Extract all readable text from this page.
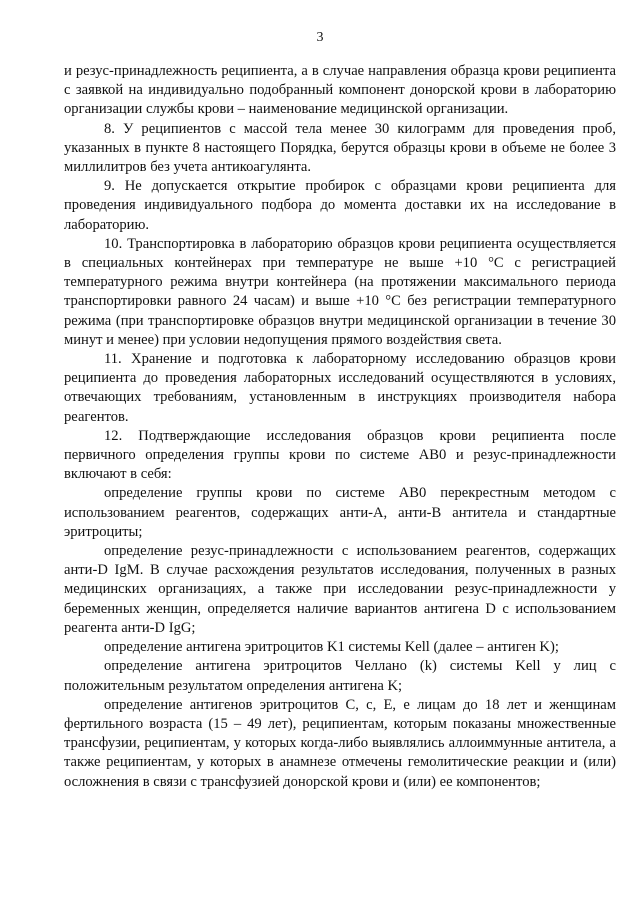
3

и резус-принадлежность реципиента, а в случае направления образца крови реципиента с заявкой на индивидуально подобранный компонент донорской крови в лабораторию организации службы крови – наименование медицинской организации.

8. У реципиентов с массой тела менее 30 килограмм для проведения проб, указанных в пункте 8 настоящего Порядка, берутся образцы крови в объеме не более 3 миллилитров без учета антикоагулянта.

9. Не допускается открытие пробирок с образцами крови реципиента для проведения индивидуального подбора до момента доставки их на исследование в лабораторию.

10. Транспортировка в лабораторию образцов крови реципиента осуществляется в специальных контейнерах при температуре не выше +10 °С с регистрацией температурного режима внутри контейнера (на протяжении максимального периода транспортировки равного 24 часам) и выше +10 °С без регистрации температурного режима (при транспортировке образцов внутри медицинской организации в течение 30 минут и менее) при условии недопущения прямого воздействия света.

11. Хранение и подготовка к лабораторному исследованию образцов крови реципиента до проведения лабораторных исследований осуществляются в условиях, отвечающих требованиям, установленным в инструкциях производителя набора реагентов.

12. Подтверждающие исследования образцов крови реципиента после первичного определения группы крови по системе АВ0 и резус-принадлежности включают в себя:

определение группы крови по системе АВ0 перекрестным методом с использованием реагентов, содержащих анти-А, анти-В антитела и стандартные эритроциты;

определение резус-принадлежности с использованием реагентов, содержащих анти-D IgM. В случае расхождения результатов исследования, полученных в разных медицинских организациях, а также при исследовании резус-принадлежности у беременных женщин, определяется наличие вариантов антигена D с использованием реагента анти-D IgG;

определение антигена эритроцитов K1 системы Kell (далее – антиген K);

определение антигена эритроцитов Челлано (k) системы Kell у лиц с положительным результатом определения антигена K;

определение антигенов эритроцитов С, с, Е, е лицам до 18 лет и женщинам фертильного возраста (15 – 49 лет), реципиентам, которым показаны множественные трансфузии, реципиентам, у которых когда-либо выявлялись аллоиммунные антитела, а также реципиентам, у которых в анамнезе отмечены гемолитические реакции и (или) осложнения в связи с трансфузией донорской крови и (или) ее компонентов;
